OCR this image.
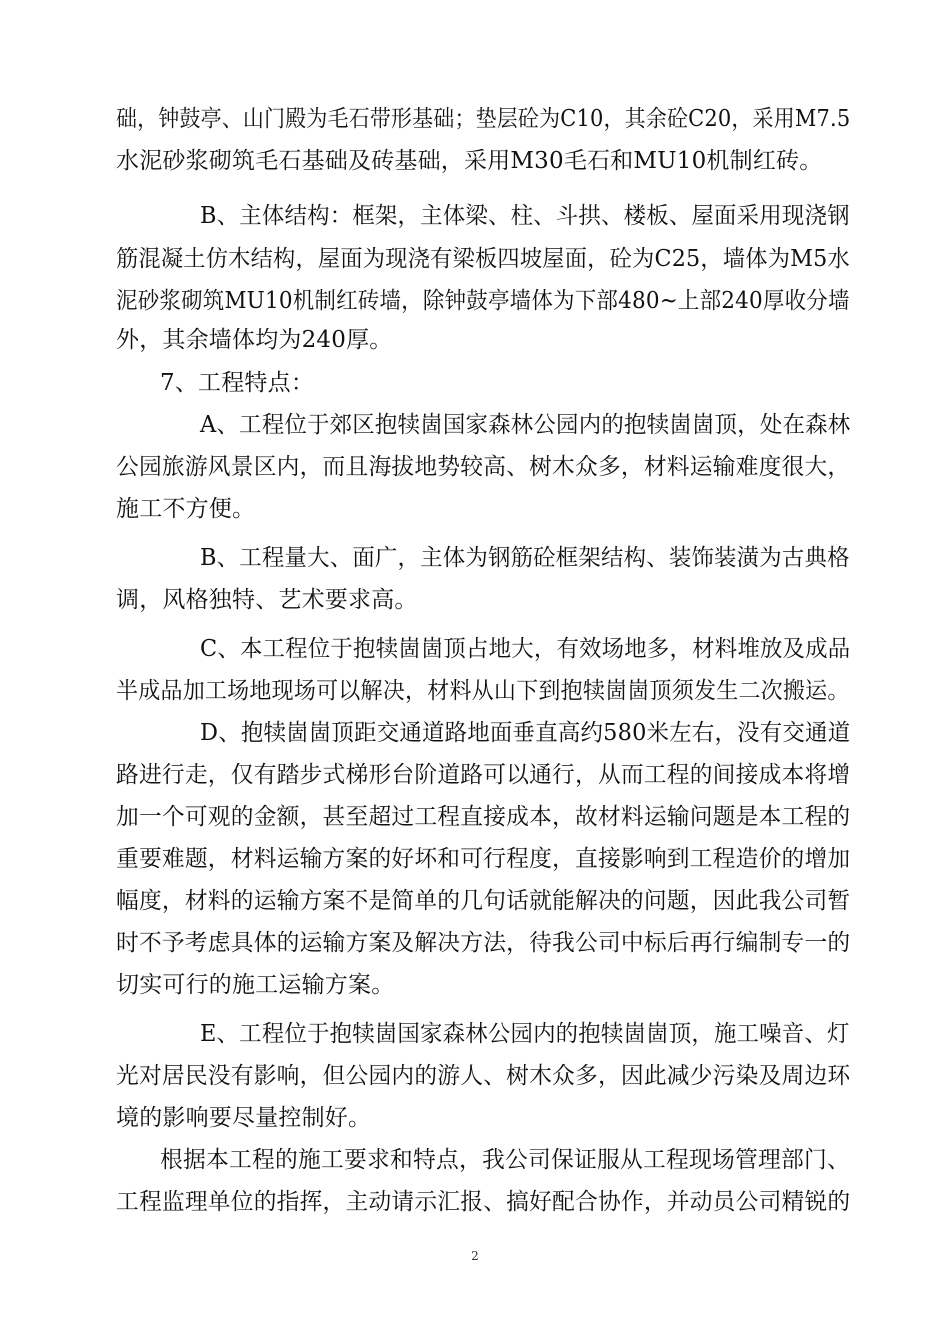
础，钟鼓亭、山门殿为毛石带形基础；垫层砼为C10，其余砼C20，采用M7.5
水泥砂浆砌筑毛石基础及砖基础，采用M30毛石和MU10机制红砖。
B、主体结构：框架，主体梁、柱、斗拱、楼板、屋面采用现浇钢
筋混凝土仿木结构，屋面为现浇有梁板四坡屋面，砼为C25，墙体为M5水
泥砂浆砌筑MU10机制红砖墙，除钟鼓亭墙体为下部480~上部240厚收分墙
外，其余墙体均为240厚。
7、工程特点：
A、工程位于郊区抱犊崮国家森林公园内的抱犊崮崮顶，处在森林
公园旅游风景区内，而且海拔地势较高、树木众多，材料运输难度很大，
施工不方便。
B、工程量大、面广，主体为钢筋砼框架结构、装饰装潢为古典格
调，风格独特、艺术要求高。
C、本工程位于抱犊崮崮顶占地大，有效场地多，材料堆放及成品
半成品加工场地现场可以解决，材料从山下到抱犊崮崮顶须发生二次搬运。
D、抱犊崮崮顶距交通道路地面垂直高约580米左右，没有交通道
路进行走，仅有踏步式梯形台阶道路可以通行，从而工程的间接成本将增
加一个可观的金额，甚至超过工程直接成本，故材料运输问题是本工程的
重要难题，材料运输方案的好坏和可行程度，直接影响到工程造价的增加
幅度，材料的运输方案不是简单的几句话就能解决的问题，因此我公司暂
时不予考虑具体的运输方案及解决方法，待我公司中标后再行编制专一的
切实可行的施工运输方案。
E、工程位于抱犊崮国家森林公园内的抱犊崮崮顶，施工噪音、灯
光对居民没有影响，但公园内的游人、树木众多，因此减少污染及周边环
境的影响要尽量控制好。
根据本工程的施工要求和特点，我公司保证服从工程现场管理部门、
工程监理单位的指挥，主动请示汇报、搞好配合协作，并动员公司精锐的
2
